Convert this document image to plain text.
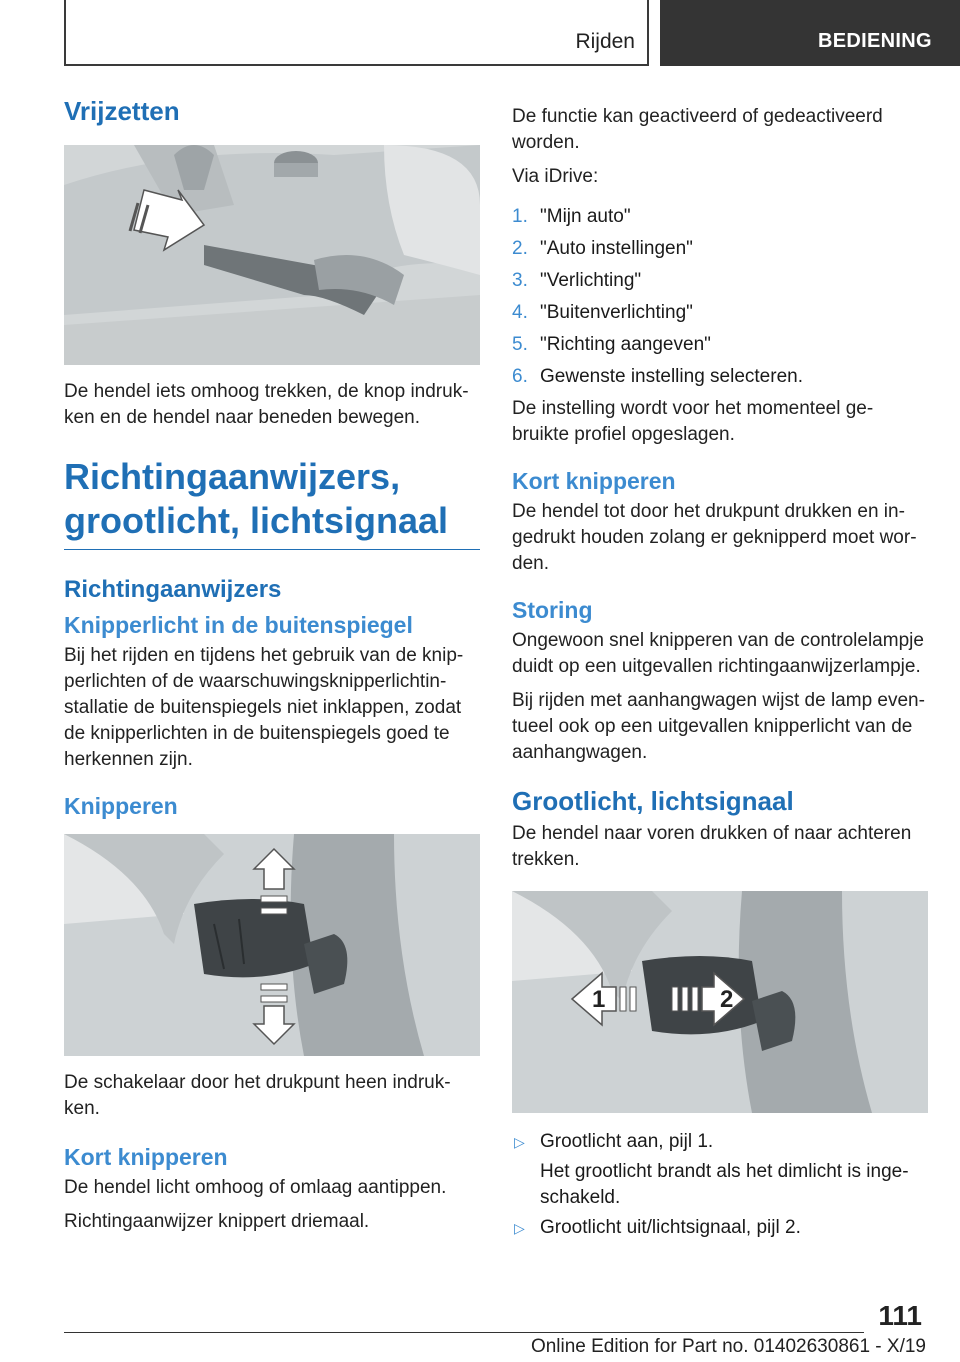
Rijden	BEDIENING
Vrijzetten

De hendel iets omhoog trekken, de knop indruk-ken en de hendel naar beneden bewegen.

Richtingaanwijzers, grootlicht, lichtsignaal
Richtingaanwijzers
Knipperlicht in de buitenspiegel

Bij het rijden en tijdens het gebruik van de knip-perlichten of de waarschuwingsknipperlichtin-stallatie de buitenspiegels niet inklappen, zodat de knipperlichten in de buitenspiegels goed te herkennen zijn.

Knipperen

De schakelaar door het drukpunt heen indruk-ken.

Kort knipperen

De hendel licht omhoog of omlaag aantippen.

Richtingaanwijzer knippert driemaal.

De functie kan geactiveerd of gedeactiveerd worden.

Via iDrive:

1. "Mijn auto"
2. "Auto instellingen"
3. "Verlichting"
4. "Buitenverlichting"
5. "Richting aangeven"
6. Gewenste instelling selecteren.

De instelling wordt voor het momenteel ge-bruikte profiel opgeslagen.

Kort knipperen

De hendel tot door het drukpunt drukken en in-gedrukt houden zolang er geknipperd moet wor-den.

Storing

Ongewoon snel knipperen van de controlelampje duidt op een uitgevallen richtingaanwijzerlampje.

Bij rijden met aanhangwagen wijst de lamp even-tueel ook op een uitgevallen knipperlicht van de aanhangwagen.

Grootlicht, lichtsignaal

De hendel naar voren drukken of naar achteren trekken.

1	2
▷ Grootlicht aan, pijl 1.
Het grootlicht brandt als het dimlicht is inge-schakeld.
▷ Grootlicht uit/lichtsignaal, pijl 2.
111
Online Edition for Part no. 01402630861 - X/19
